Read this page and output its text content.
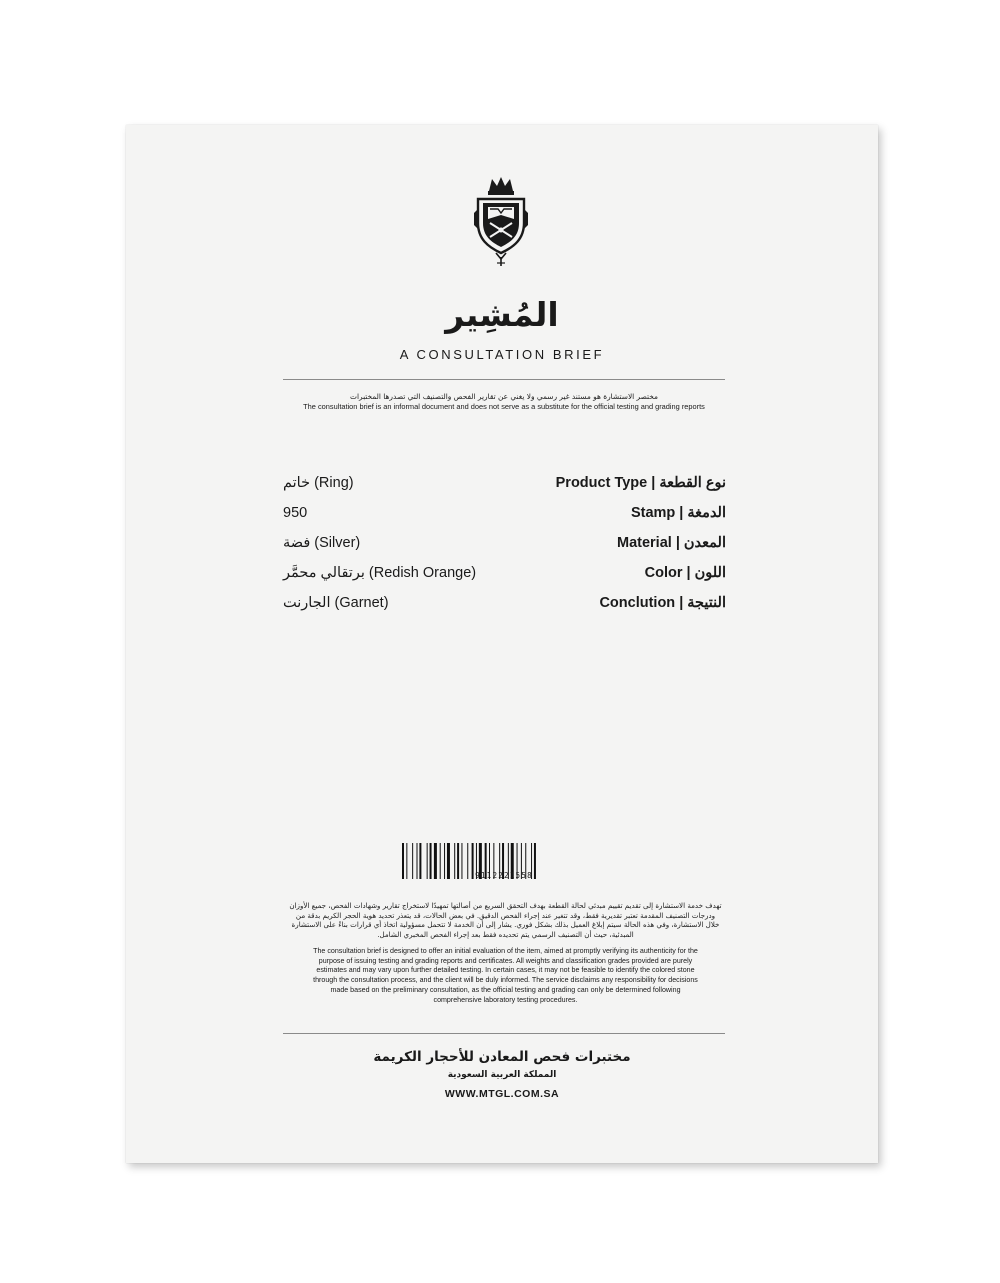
المُشِير
A CONSULTATION BRIEF
مختصر الاستشارة هو مستند غير رسمي ولا يغني عن تقارير الفحص والتصنيف التي تصدرها المختبرات
The consultation brief is an informal document and does not serve as a substitute for the official testing and grading reports
Product Type | نوع القطعة
خاتم (Ring)
Stamp | الدمغة
950
Material | المعدن
فضة (Silver)
Color | اللون
برتقالي محمَّر (Redish Orange)
Conclution | النتيجة
الجارنت (Garnet)
9112221558
تهدف خدمة الاستشارة إلى تقديم تقييم مبدئي لحالة القطعة بهدف التحقق السريع من أصالتها تمهيدًا لاستخراج تقارير وشهادات الفحص، جميع الأوزان ودرجات التصنيف المقدمة تعتبر تقديرية فقط، وقد تتغير عند إجراء الفحص الدقيق. في بعض الحالات، قد يتعذر تحديد هوية الحجر الكريم بدقة من خلال الاستشارة، وفي هذه الحالة سيتم إبلاغ العميل بذلك بشكل فوري. يشار إلى أن الخدمة لا تتحمل مسؤولية اتخاذ أي قرارات بناءً على الاستشارة المبدئية، حيث أن التصنيف الرسمي يتم تحديده فقط بعد إجراء الفحص المخبري الشامل.
The consultation brief is designed to offer an initial evaluation of the item, aimed at promptly verifying its authenticity for the
purpose of issuing testing and grading reports and certificates. All weights and classification grades provided are purely
estimates and may vary upon further detailed testing. In certain cases, it may not be feasible to identify the colored stone
through the consultation process, and the client will be duly informed. The service disclaims any responsibility for decisions
made based on the preliminary consultation, as the official testing and grading can only be determined following
comprehensive laboratory testing procedures.
مختبرات فحص المعادن للأحجار الكريمة
المملكة العربية السعودية
WWW.MTGL.COM.SA
